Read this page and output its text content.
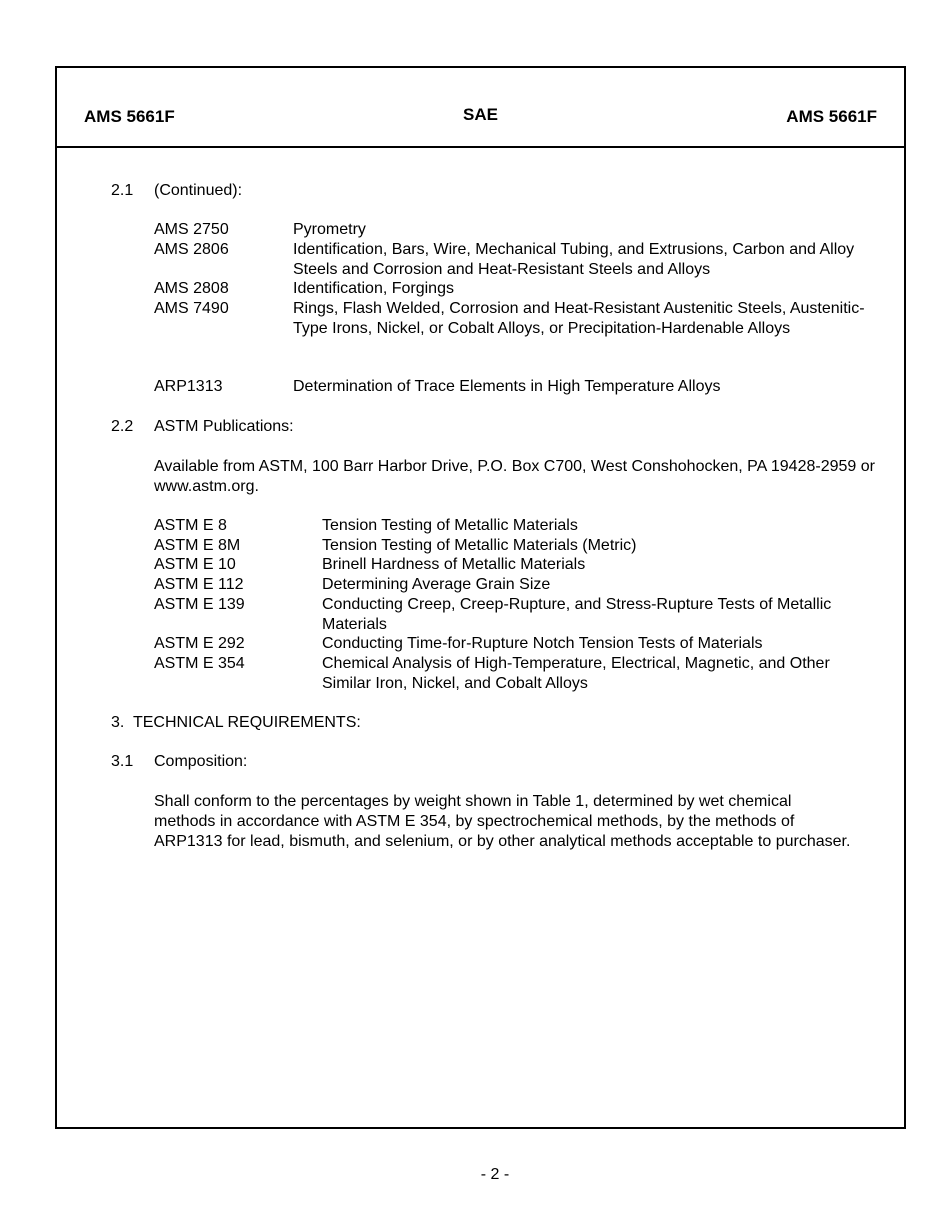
AMS 5661F	SAE	AMS 5661F
2.1 (Continued):
AMS 2750	Pyrometry
AMS 2806	Identification, Bars, Wire, Mechanical Tubing, and Extrusions, Carbon and Alloy Steels and Corrosion and Heat-Resistant Steels and Alloys
AMS 2808	Identification, Forgings
AMS 7490	Rings, Flash Welded, Corrosion and Heat-Resistant Austenitic Steels, Austenitic-Type Irons, Nickel, or Cobalt Alloys, or Precipitation-Hardenable Alloys
ARP1313	Determination of Trace Elements in High Temperature Alloys
2.2 ASTM Publications:
Available from ASTM, 100 Barr Harbor Drive, P.O. Box C700, West Conshohocken, PA 19428-2959 or www.astm.org.
ASTM E 8	Tension Testing of Metallic Materials
ASTM E 8M	Tension Testing of Metallic Materials (Metric)
ASTM E 10	Brinell Hardness of Metallic Materials
ASTM E 112	Determining Average Grain Size
ASTM E 139	Conducting Creep, Creep-Rupture, and Stress-Rupture Tests of Metallic Materials
ASTM E 292	Conducting Time-for-Rupture Notch Tension Tests of Materials
ASTM E 354	Chemical Analysis of High-Temperature, Electrical, Magnetic, and Other Similar Iron, Nickel, and Cobalt Alloys
3.  TECHNICAL REQUIREMENTS:
3.1 Composition:
Shall conform to the percentages by weight shown in Table 1, determined by wet chemical methods in accordance with ASTM E 354, by spectrochemical methods, by the methods of ARP1313 for lead, bismuth, and selenium, or by other analytical methods acceptable to purchaser.
- 2 -
